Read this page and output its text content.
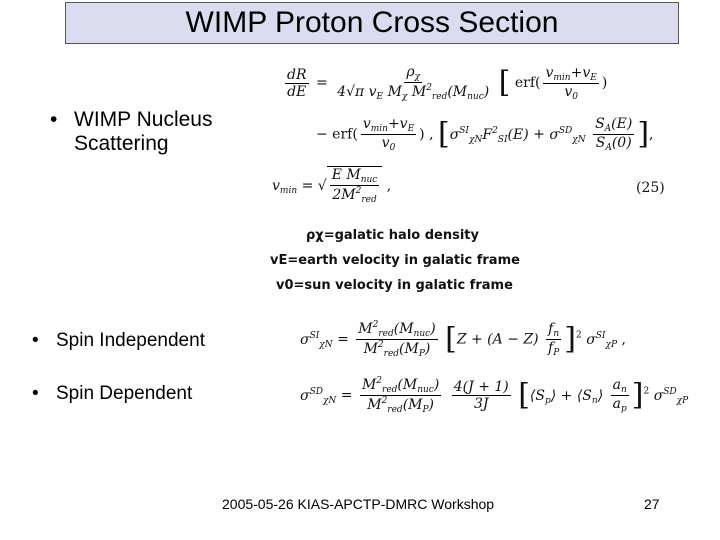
WIMP Proton Cross Section
• WIMP Nucleus
Scattering
$\frac{dR}{dE} = \frac{\rho_\chi}{4√\pi v_E M_\chi M^2_{red}(M_{nuc})}$ [ $erf( \frac{v_{min}+v_E}{v_0}$ )
− $erf( \frac{v_{min}+v_E}{v_0}$ ) , [$\sigma^{SI}_{\chi N}F^2_{SI}(E) + \sigma^{SD}_{\chi N} \frac{S_A(E)}{S_A(0)}$ ],
$v_{min}$ = √ $\frac{E M_{nuc}}{2M^2_{red}}$ ,	(25)
ρχ=galatic halo density
vE=earth velocity in galatic frame
v0=sun velocity in galatic frame
• Spin Independent	$\sigma^{SI}_{\chi N} = \frac{M^2_{red}(M_{nuc})}{M^2_{red}(M_P)} [Z + (A - Z) \frac{f_n}{f_P} ]^2$ $\sigma^{SI}_{\chi P}$ ,
• Spin Dependent	$\sigma^{SD}_{\chi N} = \frac{M^2_{red}(M_{nuc})}{M^2_{red}(M_P)}$
$\frac{4(J + 1)}{3J}$ [$⟨S_p⟩$ + $⟨S_n⟩ \frac{a_n}{a_p} ]^2$ $\sigma^{SD}_{\chi P}$
2005-05-26 KIAS-APCTP-DMRC Workshop	27
